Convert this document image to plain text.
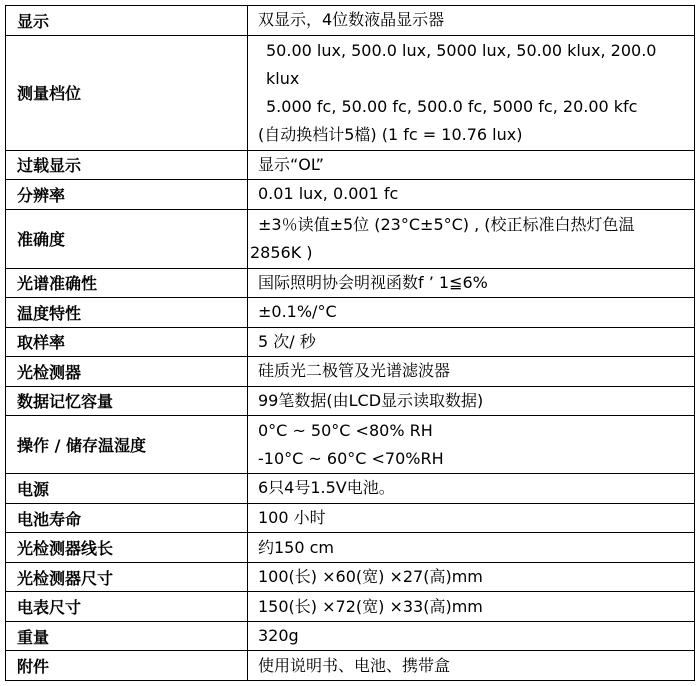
显示	双显示，4位数液晶显示器

测量档位	50.00 lux, 500.0 lux, 5000 lux, 50.00 klux, 200.0
klux
5.000 fc, 50.00 fc, 500.0 fc, 5000 fc, 20.00 kfc
(自动换档计5檔) (1 fc = 10.76 lux)

过载显示	显示“OL”

分辨率	0.01 lux, 0.001 fc

准确度	±3％读值±5位 (23°C±5°C) , (校正标准白热灯色温
2856K )

光谱准确性	国际照明协会明视函数f ’ 1≦6%

温度特性	±0.1%/°C

取样率	5 次/ 秒

光检测器	硅质光二极管及光谱滤波器

数据记忆容量	99笔数据(由LCD显示读取数据)

操作 / 储存温湿度	0°C ~ 50°C <80% RH
-10°C ~ 60°C <70%RH

电源	6只4号1.5V电池。

电池寿命	100 小时

光检测器线长	约150 cm

光检测器尺寸	100(长) ×60(宽) ×27(高)mm

电表尺寸	150(长) ×72(宽) ×33(高)mm

重量	320g

附件	使用说明书、电池、携带盒
